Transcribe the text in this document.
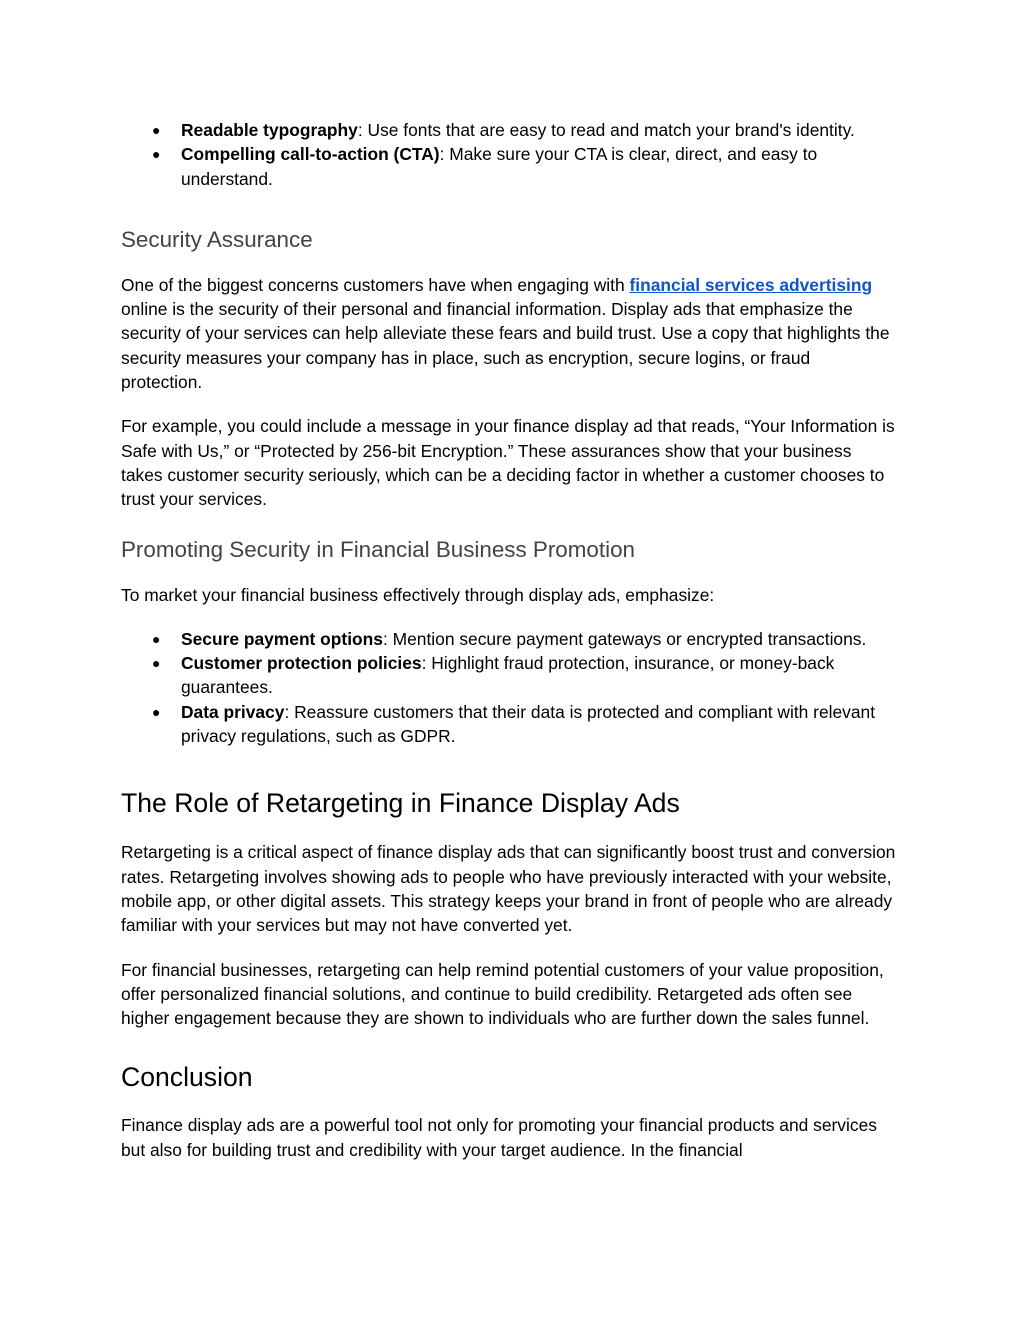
● Readable typography: Use fonts that are easy to read and match your brand's identity.
● Compelling call-to-action (CTA): Make sure your CTA is clear, direct, and easy to understand.
Security Assurance

One of the biggest concerns customers have when engaging with financial services advertising online is the security of their personal and financial information. Display ads that emphasize the security of your services can help alleviate these fears and build trust. Use a copy that highlights the security measures your company has in place, such as encryption, secure logins, or fraud protection.

For example, you could include a message in your finance display ad that reads, “Your Information is Safe with Us,” or “Protected by 256-bit Encryption.” These assurances show that your business takes customer security seriously, which can be a deciding factor in whether a customer chooses to trust your services.

Promoting Security in Financial Business Promotion

To market your financial business effectively through display ads, emphasize:

● Secure payment options: Mention secure payment gateways or encrypted transactions.
● Customer protection policies: Highlight fraud protection, insurance, or money-back guarantees.
● Data privacy: Reassure customers that their data is protected and compliant with relevant privacy regulations, such as GDPR.
The Role of Retargeting in Finance Display Ads

Retargeting is a critical aspect of finance display ads that can significantly boost trust and conversion rates. Retargeting involves showing ads to people who have previously interacted with your website, mobile app, or other digital assets. This strategy keeps your brand in front of people who are already familiar with your services but may not have converted yet.

For financial businesses, retargeting can help remind potential customers of your value proposition, offer personalized financial solutions, and continue to build credibility. Retargeted ads often see higher engagement because they are shown to individuals who are further down the sales funnel.

Conclusion

Finance display ads are a powerful tool not only for promoting your financial products and services but also for building trust and credibility with your target audience. In the financial
